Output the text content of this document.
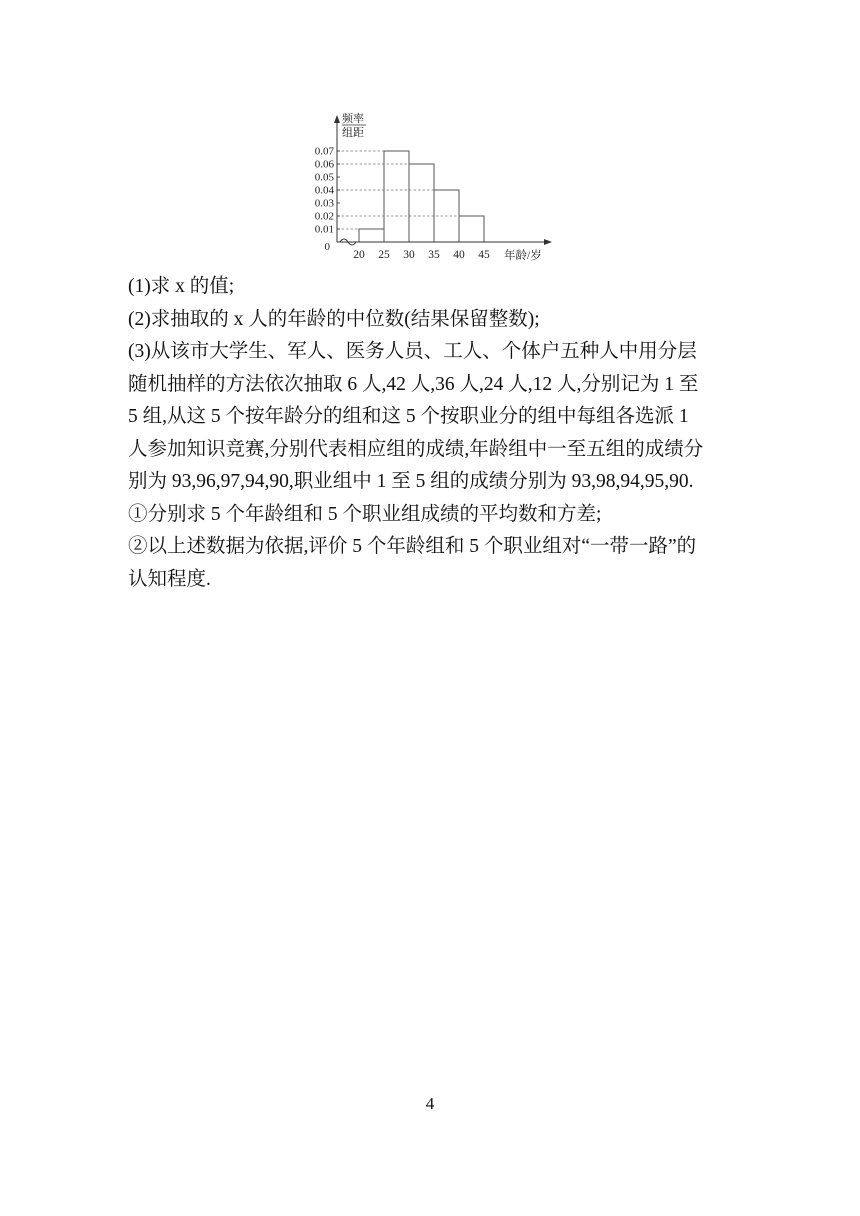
频率
组距
年龄/岁
0
0.01
0.02
0.03
0.04
0.05
0.06
0.07
20 25 30 35 40 45

(1)求 x 的值;

(2)求抽取的 x 人的年龄的中位数(结果保留整数);

(3)从该市大学生、军人、医务人员、工人、个体户五种人中用分层

随机抽样的方法依次抽取 6 人,42 人,36 人,24 人,12 人,分别记为 1 至

5 组,从这 5 个按年龄分的组和这 5 个按职业分的组中每组各选派 1

人参加知识竞赛,分别代表相应组的成绩,年龄组中一至五组的成绩分

别为 93,96,97,94,90,职业组中 1 至 5 组的成绩分别为 93,98,94,95,90.

①分别求 5 个年龄组和 5 个职业组成绩的平均数和方差;

②以上述数据为依据,评价 5 个年龄组和 5 个职业组对“一带一路”的

认知程度.

4
